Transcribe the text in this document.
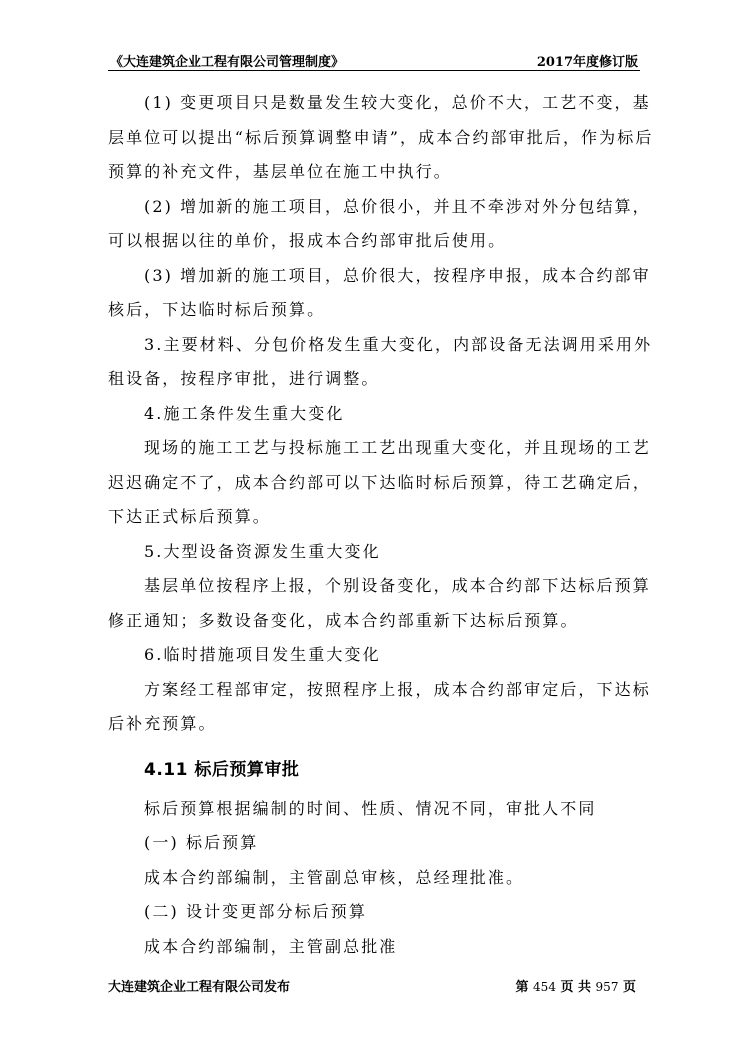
《大连建筑企业工程有限公司管理制度》	2017年度修订版

(1) 变更项目只是数量发生较大变化，总价不大，工艺不变，基
层单位可以提出“标后预算调整申请”，成本合约部审批后，作为标后
预算的补充文件，基层单位在施工中执行。

(2) 增加新的施工项目，总价很小，并且不牵涉对外分包结算，
可以根据以往的单价，报成本合约部审批后使用。

(3) 增加新的施工项目，总价很大，按程序申报，成本合约部审
核后，下达临时标后预算。

3.主要材料、分包价格发生重大变化，内部设备无法调用采用外
租设备，按程序审批，进行调整。

4.施工条件发生重大变化

现场的施工工艺与投标施工工艺出现重大变化，并且现场的工艺
迟迟确定不了，成本合约部可以下达临时标后预算，待工艺确定后，
下达正式标后预算。

5.大型设备资源发生重大变化

基层单位按程序上报，个别设备变化，成本合约部下达标后预算
修正通知；多数设备变化，成本合约部重新下达标后预算。

6.临时措施项目发生重大变化

方案经工程部审定，按照程序上报，成本合约部审定后，下达标
后补充预算。

4.11 标后预算审批

标后预算根据编制的时间、性质、情况不同，审批人不同

(一) 标后预算

成本合约部编制，主管副总审核，总经理批准。

(二) 设计变更部分标后预算

成本合约部编制，主管副总批准

大连建筑企业工程有限公司发布	第 454 页 共 957 页
